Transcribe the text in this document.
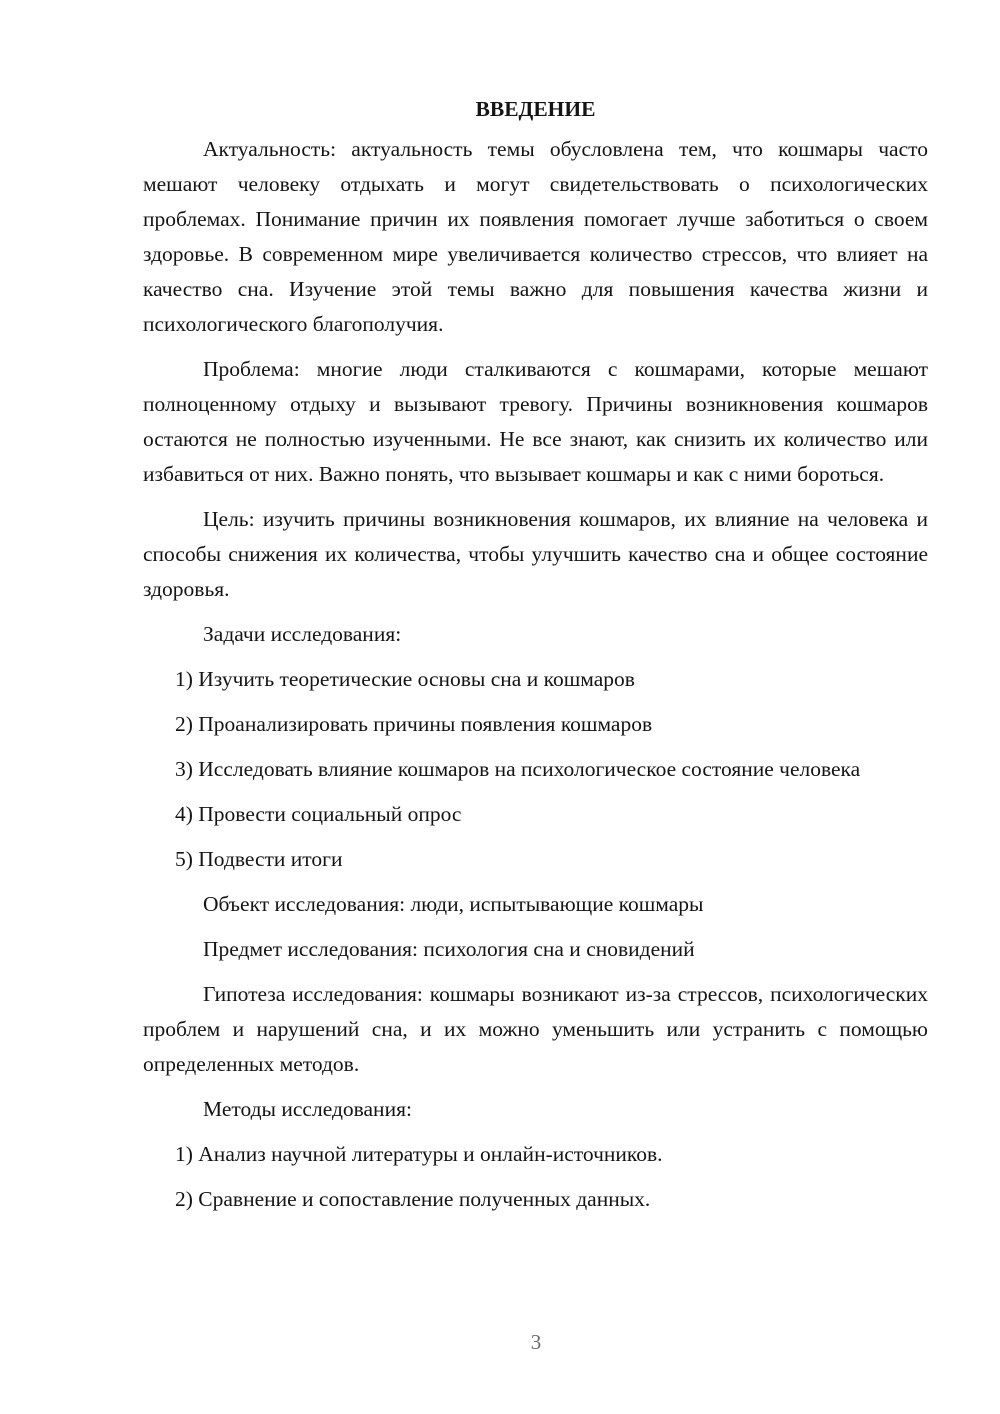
ВВЕДЕНИЕ

Актуальность: актуальность темы обусловлена тем, что кошмары часто мешают человеку отдыхать и могут свидетельствовать о психологических проблемах. Понимание причин их появления помогает лучше заботиться о своем здоровье. В современном мире увеличивается количество стрессов, что влияет на качество сна. Изучение этой темы важно для повышения качества жизни и психологического благополучия.

Проблема: многие люди сталкиваются с кошмарами, которые мешают полноценному отдыху и вызывают тревогу. Причины возникновения кошмаров остаются не полностью изученными. Не все знают, как снизить их количество или избавиться от них. Важно понять, что вызывает кошмары и как с ними бороться.

Цель: изучить причины возникновения кошмаров, их влияние на человека и способы снижения их количества, чтобы улучшить качество сна и общее состояние здоровья.

Задачи исследования:

1) Изучить теоретические основы сна и кошмаров

2) Проанализировать причины появления кошмаров

3) Исследовать влияние кошмаров на психологическое состояние человека

4) Провести социальный опрос

5) Подвести итоги

Объект исследования: люди, испытывающие кошмары

Предмет исследования: психология сна и сновидений

Гипотеза исследования: кошмары возникают из-за стрессов, психологических проблем и нарушений сна, и их можно уменьшить или устранить с помощью определенных методов.

Методы исследования:

1) Анализ научной литературы и онлайн-источников.

2) Сравнение и сопоставление полученных данных.

3
